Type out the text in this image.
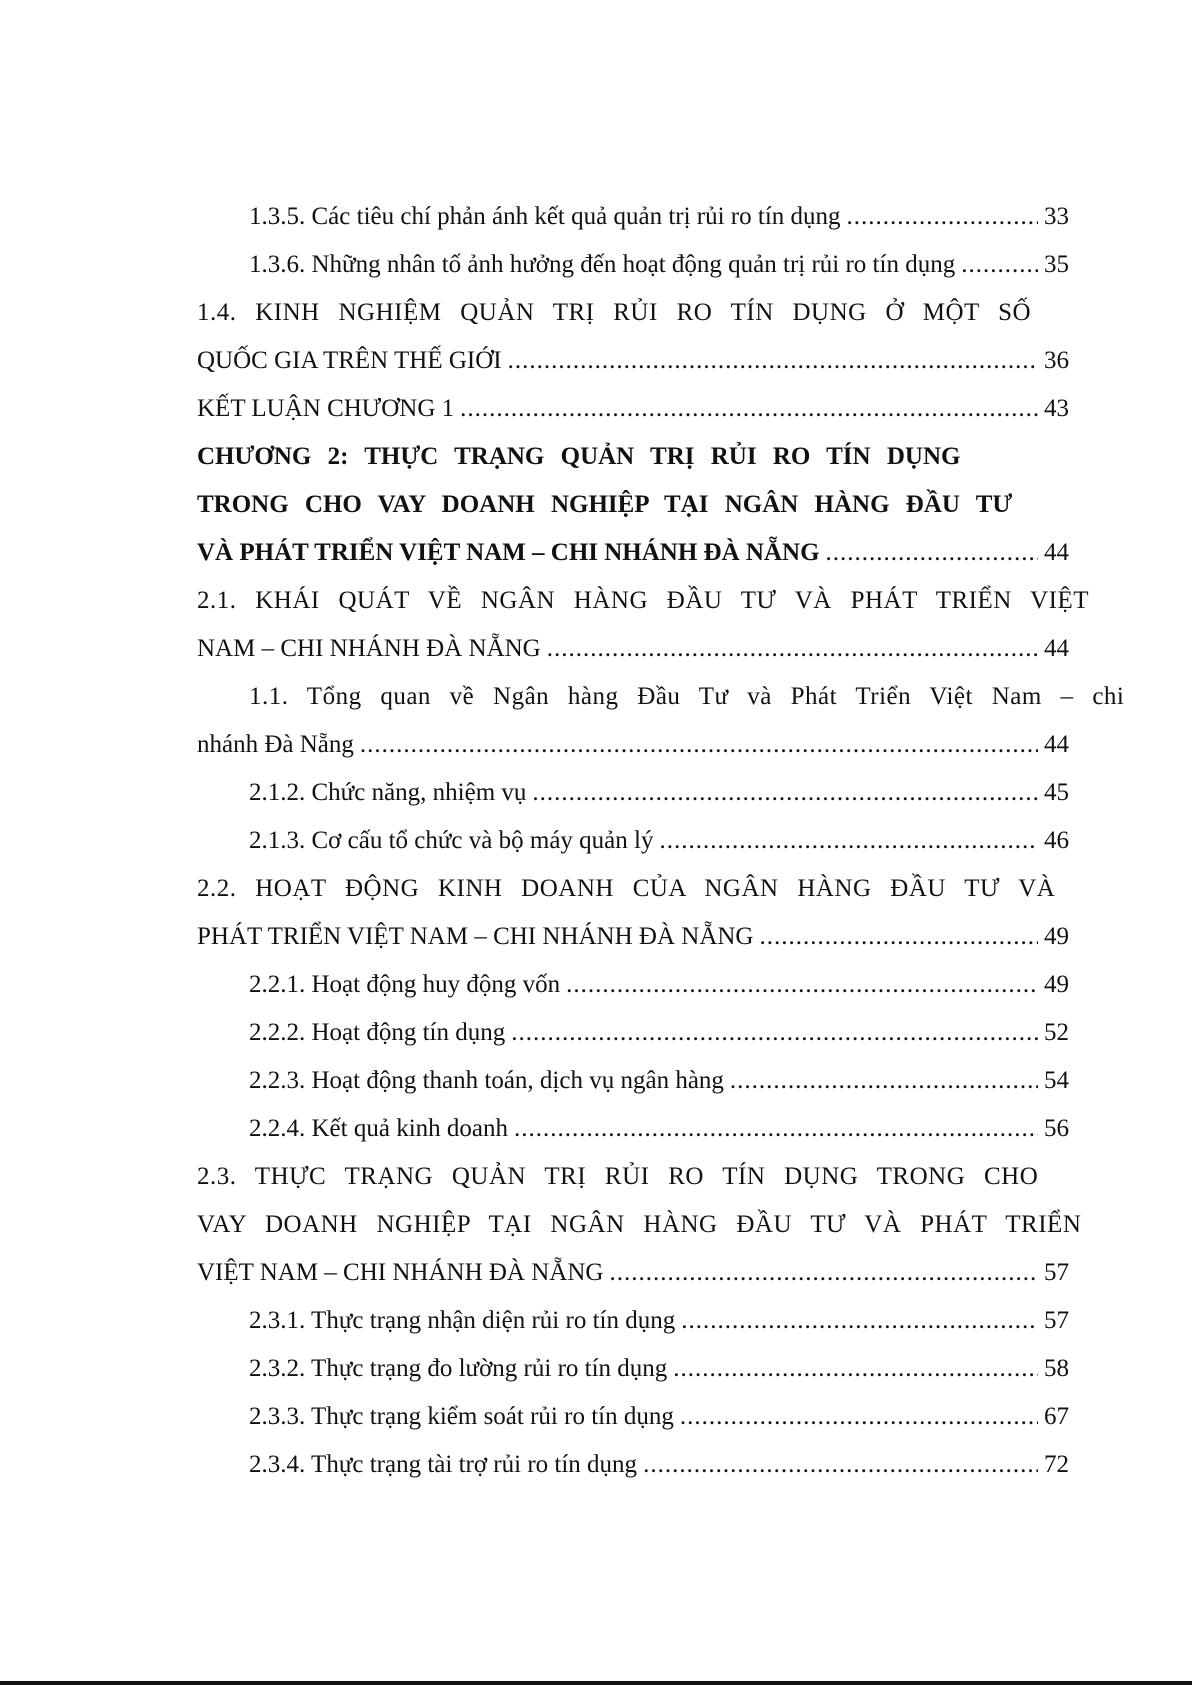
1.3.5. Các tiêu chí phản ánh kết quả quản trị rủi ro tín dụng .....	33
1.3.6. Những nhân tố ảnh hưởng đến hoạt động quản trị rủi ro tín dụng .....	35
1.4. KINH NGHIỆM QUẢN TRỊ RỦI RO TÍN DỤNG Ở MỘT SỐ
QUỐC GIA TRÊN THẾ GIỚI .....	36
KẾT LUẬN CHƯƠNG 1 .....	43
CHƯƠNG 2: THỰC TRẠNG QUẢN TRỊ RỦI RO TÍN DỤNG
TRONG CHO VAY DOANH NGHIỆP TẠI NGÂN HÀNG ĐẦU TƯ
VÀ PHÁT TRIỂN VIỆT NAM – CHI NHÁNH ĐÀ NẴNG .....	44
2.1. KHÁI QUÁT VỀ NGÂN HÀNG ĐẦU TƯ VÀ PHÁT TRIỂN VIỆT
NAM – CHI NHÁNH ĐÀ NẴNG .....	44
1.1. Tổng quan về Ngân hàng Đầu Tư và Phát Triển Việt Nam – chi
nhánh Đà Nẵng .....	44
2.1.2. Chức năng, nhiệm vụ .....	45
2.1.3. Cơ cấu tổ chức và bộ máy quản lý .....	46
2.2. HOẠT ĐỘNG KINH DOANH CỦA NGÂN HÀNG ĐẦU TƯ VÀ
PHÁT TRIỂN VIỆT NAM – CHI NHÁNH ĐÀ NẴNG .....	49
2.2.1. Hoạt động huy động vốn .....	49
2.2.2. Hoạt động tín dụng .....	52
2.2.3. Hoạt động thanh toán, dịch vụ ngân hàng .....	54
2.2.4. Kết quả kinh doanh .....	56
2.3. THỰC TRẠNG QUẢN TRỊ RỦI RO TÍN DỤNG TRONG CHO
VAY DOANH NGHIỆP TẠI NGÂN HÀNG ĐẦU TƯ VÀ PHÁT TRIỂN
VIỆT NAM – CHI NHÁNH ĐÀ NẴNG .....	57
2.3.1. Thực trạng nhận diện rủi ro tín dụng .....	57
2.3.2. Thực trạng đo lường rủi ro tín dụng .....	58
2.3.3. Thực trạng kiểm soát rủi ro tín dụng .....	67
2.3.4. Thực trạng tài trợ rủi ro tín dụng .....	72
